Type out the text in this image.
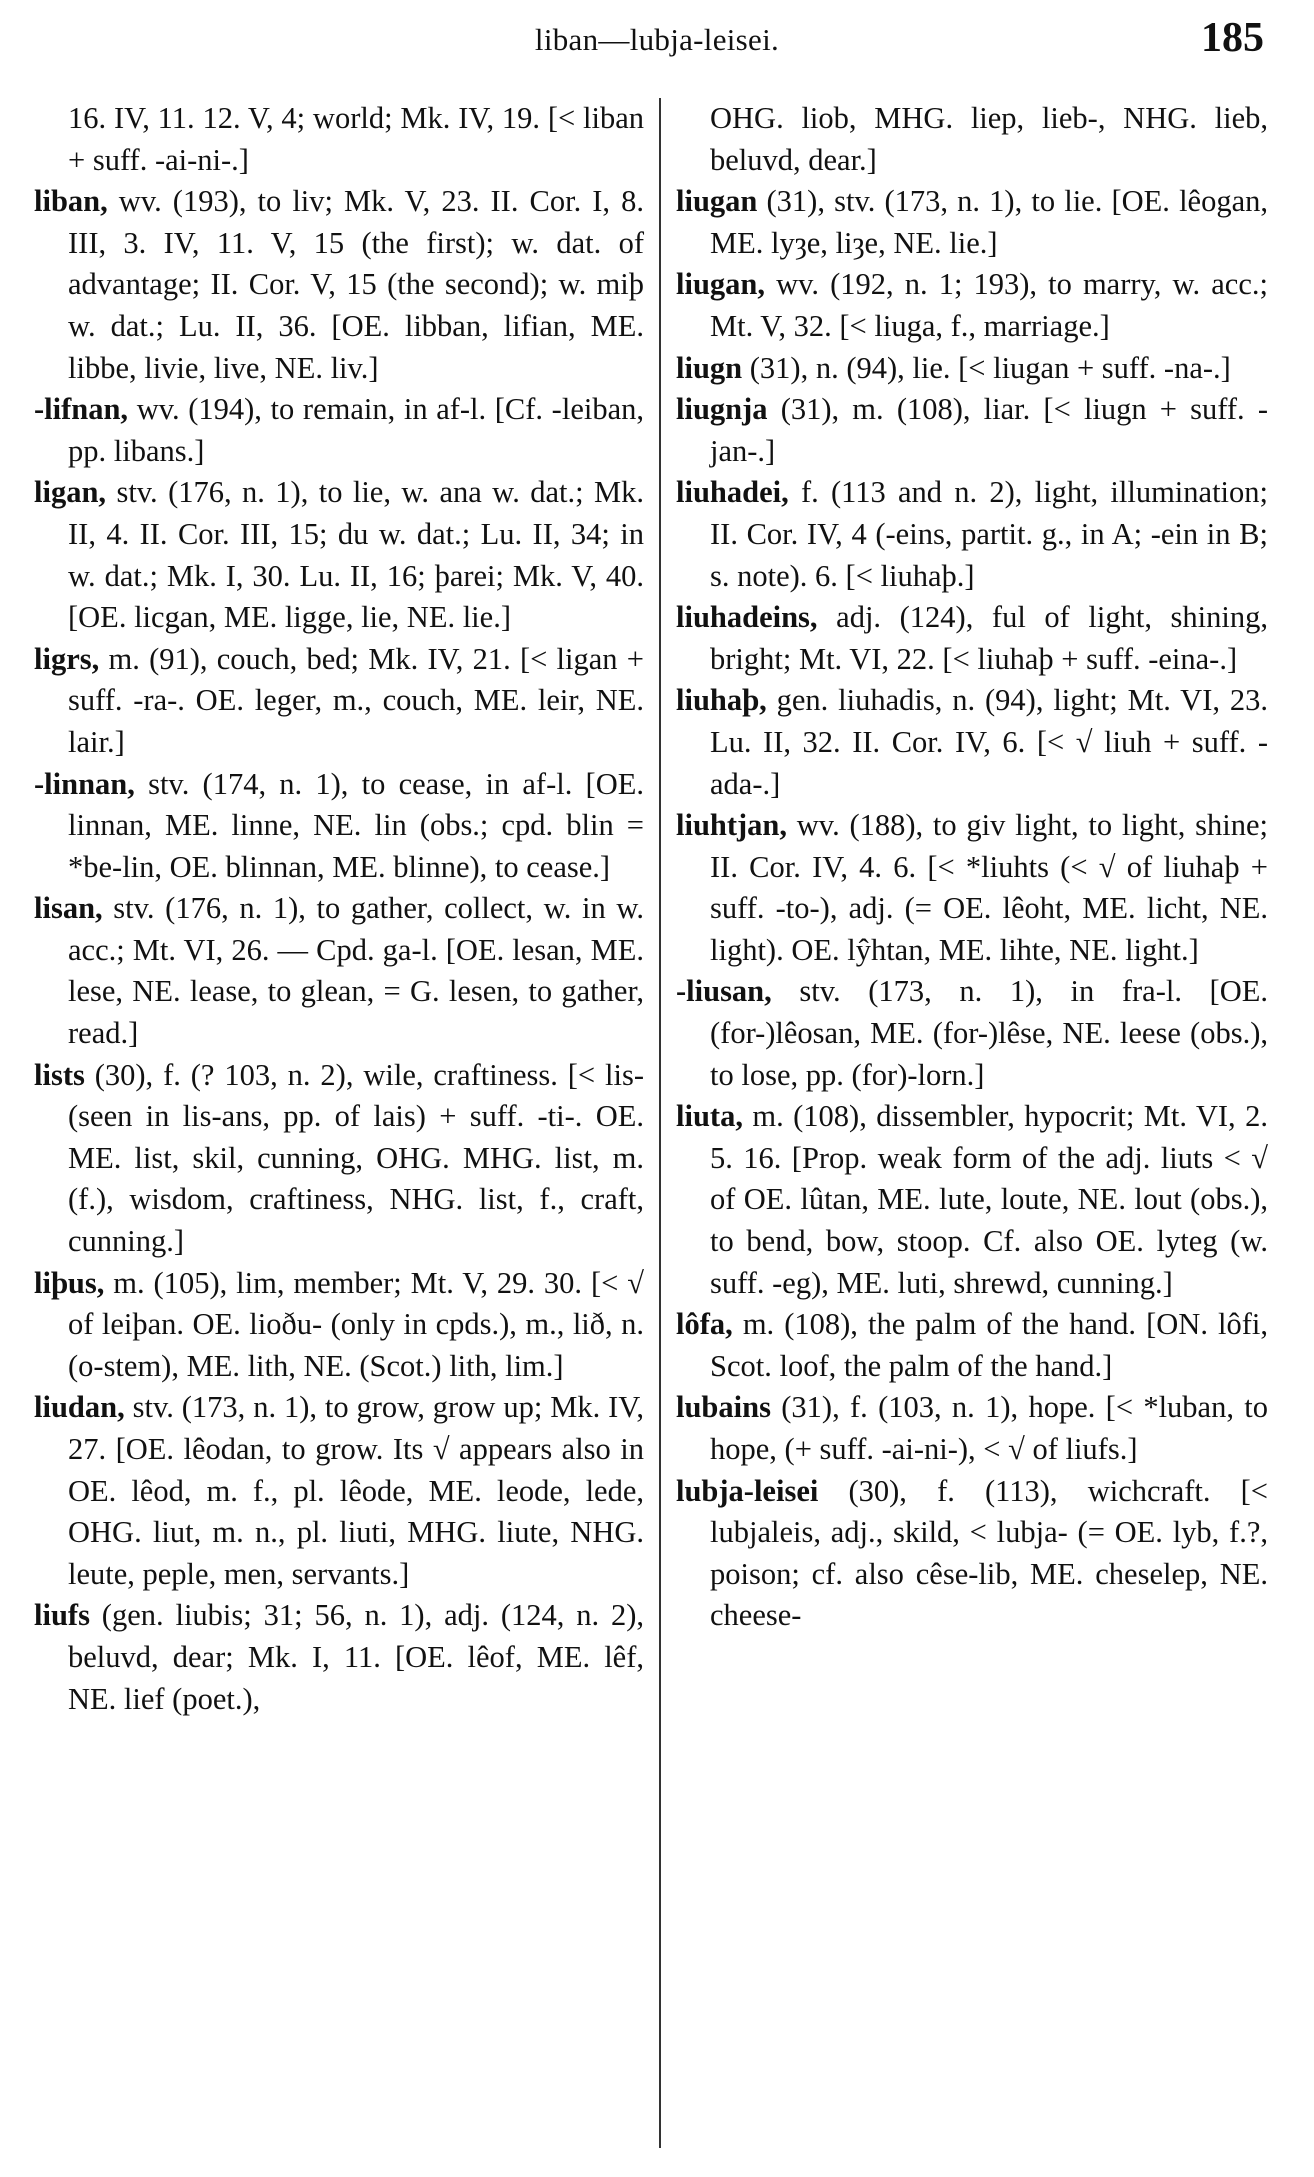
liban—lubja-leisei.	185

16. IV, 11. 12. V, 4; world; Mk. IV, 19. [< liban + suff. -ai-ni-.]

liban, wv. (193), to liv; Mk. V, 23. II. Cor. I, 8. III, 3. IV, 11. V, 15 (the first); w. dat. of advantage; II. Cor. V, 15 (the second); w. miþ w. dat.; Lu. II, 36. [OE. libban, lifian, ME. libbe, livie, live, NE. liv.]

-lifnan, wv. (194), to remain, in af-l. [Cf. -leiban, pp. libans.]

ligan, stv. (176, n. 1), to lie, w. ana w. dat.; Mk. II, 4. II. Cor. III, 15; du w. dat.; Lu. II, 34; in w. dat.; Mk. I, 30. Lu. II, 16; þarei; Mk. V, 40. [OE. licgan, ME. ligge, lie, NE. lie.]

ligrs, m. (91), couch, bed; Mk. IV, 21. [< ligan + suff. -ra-. OE. leger, m., couch, ME. leir, NE. lair.]

-linnan, stv. (174, n. 1), to cease, in af-l. [OE. linnan, ME. linne, NE. lin (obs.; cpd. blin = *be-lin, OE. blinnan, ME. blinne), to cease.]

lisan, stv. (176, n. 1), to gather, collect, w. in w. acc.; Mt. VI, 26. — Cpd. ga-l. [OE. lesan, ME. lese, NE. lease, to glean, = G. lesen, to gather, read.]

lists (30), f. (? 103, n. 2), wile, craftiness. [< lis- (seen in lis-ans, pp. of lais) + suff. -ti-. OE. ME. list, skil, cunning, OHG. MHG. list, m. (f.), wisdom, craftiness, NHG. list, f., craft, cunning.]

liþus, m. (105), lim, member; Mt. V, 29. 30. [< √ of leiþan. OE. lioðu- (only in cpds.), m., lið, n. (o-stem), ME. lith, NE. (Scot.) lith, lim.]

liudan, stv. (173, n. 1), to grow, grow up; Mk. IV, 27. [OE. lêodan, to grow. Its √ appears also in OE. lêod, m. f., pl. lêode, ME. leode, lede, OHG. liut, m. n., pl. liuti, MHG. liute, NHG. leute, peple, men, servants.]

liufs (gen. liubis; 31; 56, n. 1), adj. (124, n. 2), beluvd, dear; Mk. I, 11. [OE. lêof, ME. lêf, NE. lief (poet.),

OHG. liob, MHG. liep, lieb-, NHG. lieb, beluvd, dear.]

liugan (31), stv. (173, n. 1), to lie. [OE. lêogan, ME. lyȝe, liȝe, NE. lie.]

liugan, wv. (192, n. 1; 193), to marry, w. acc.; Mt. V, 32. [< liuga, f., marriage.]

liugn (31), n. (94), lie. [< liugan + suff. -na-.]

liugnja (31), m. (108), liar. [< liugn + suff. -jan-.]

liuhadei, f. (113 and n. 2), light, illumination; II. Cor. IV, 4 (-eins, partit. g., in A; -ein in B; s. note). 6. [< liuhaþ.]

liuhadeins, adj. (124), ful of light, shining, bright; Mt. VI, 22. [< liuhaþ + suff. -eina-.]

liuhaþ, gen. liuhadis, n. (94), light; Mt. VI, 23. Lu. II, 32. II. Cor. IV, 6. [< √ liuh + suff. -ada-.]

liuhtjan, wv. (188), to giv light, to light, shine; II. Cor. IV, 4. 6. [< *liuhts (< √ of liuhaþ + suff. -to-), adj. (= OE. lêoht, ME. licht, NE. light). OE. lŷhtan, ME. lihte, NE. light.]

-liusan, stv. (173, n. 1), in fra-l. [OE. (for-)lêosan, ME. (for-)lêse, NE. leese (obs.), to lose, pp. (for)-lorn.]

liuta, m. (108), dissembler, hypocrit; Mt. VI, 2. 5. 16. [Prop. weak form of the adj. liuts < √ of OE. lûtan, ME. lute, loute, NE. lout (obs.), to bend, bow, stoop. Cf. also OE. lyteg (w. suff. -eg), ME. luti, shrewd, cunning.]

lôfa, m. (108), the palm of the hand. [ON. lôfi, Scot. loof, the palm of the hand.]

lubains (31), f. (103, n. 1), hope. [< *luban, to hope, (+ suff. -ai-ni-), < √ of liufs.]

lubja-leisei (30), f. (113), wichcraft. [< lubjaleis, adj., skild, < lubja- (= OE. lyb, f.?, poison; cf. also cêse-lib, ME. cheselep, NE. cheese-
